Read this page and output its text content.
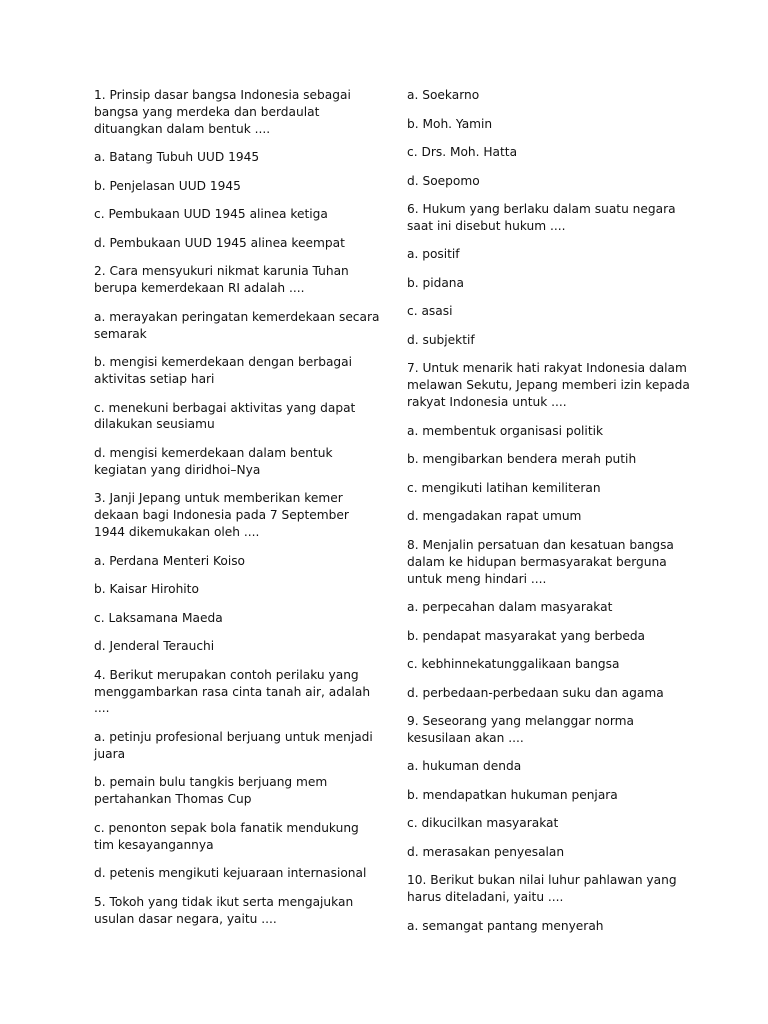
1. Prinsip dasar bangsa Indonesia sebagai
bangsa yang merdeka dan berdaulat
dituangkan dalam bentuk ....

a. Batang Tubuh UUD 1945

b. Penjelasan UUD 1945

c. Pembukaan UUD 1945 alinea ketiga

d. Pembukaan UUD 1945 alinea keempat

2. Cara mensyukuri nikmat karunia Tuhan
berupa kemerdekaan RI adalah ....

a. merayakan peringatan kemerdekaan secara
semarak

b. mengisi kemerdekaan dengan berbagai
aktivitas setiap hari

c. menekuni berbagai aktivitas yang dapat
dilakukan seusiamu

d. mengisi kemerdekaan dalam bentuk
kegiatan yang diridhoi–Nya

3. Janji Jepang untuk memberikan kemer
dekaan bagi Indonesia pada 7 September
1944 dikemukakan oleh ....

a. Perdana Menteri Koiso

b. Kaisar Hirohito

c. Laksamana Maeda

d. Jenderal Terauchi

4. Berikut merupakan contoh perilaku yang
menggambarkan rasa cinta tanah air, adalah
....

a. petinju profesional berjuang untuk menjadi
juara

b. pemain bulu tangkis berjuang mem
pertahankan Thomas Cup

c. penonton sepak bola fanatik mendukung
tim kesayangannya

d. petenis mengikuti kejuaraan internasional

5. Tokoh yang tidak ikut serta mengajukan
usulan dasar negara, yaitu ....

a. Soekarno

b. Moh. Yamin

c. Drs. Moh. Hatta

d. Soepomo

6. Hukum yang berlaku dalam suatu negara
saat ini disebut hukum ....

a. positif

b. pidana

c. asasi

d. subjektif

7. Untuk menarik hati rakyat Indonesia dalam
melawan Sekutu, Jepang memberi izin kepada
rakyat Indonesia untuk ....

a. membentuk organisasi politik

b. mengibarkan bendera merah putih

c. mengikuti latihan kemiliteran

d. mengadakan rapat umum

8. Menjalin persatuan dan kesatuan bangsa
dalam ke hidupan bermasyarakat berguna
untuk meng hindari ....

a. perpecahan dalam masyarakat

b. pendapat masyarakat yang berbeda

c. kebhinnekatunggalikaan bangsa

d. perbedaan-perbedaan suku dan agama

9. Seseorang yang melanggar norma
kesusilaan akan ....

a. hukuman denda

b. mendapatkan hukuman penjara

c. dikucilkan masyarakat

d. merasakan penyesalan

10. Berikut bukan nilai luhur pahlawan yang
harus diteladani, yaitu ....

a. semangat pantang menyerah
